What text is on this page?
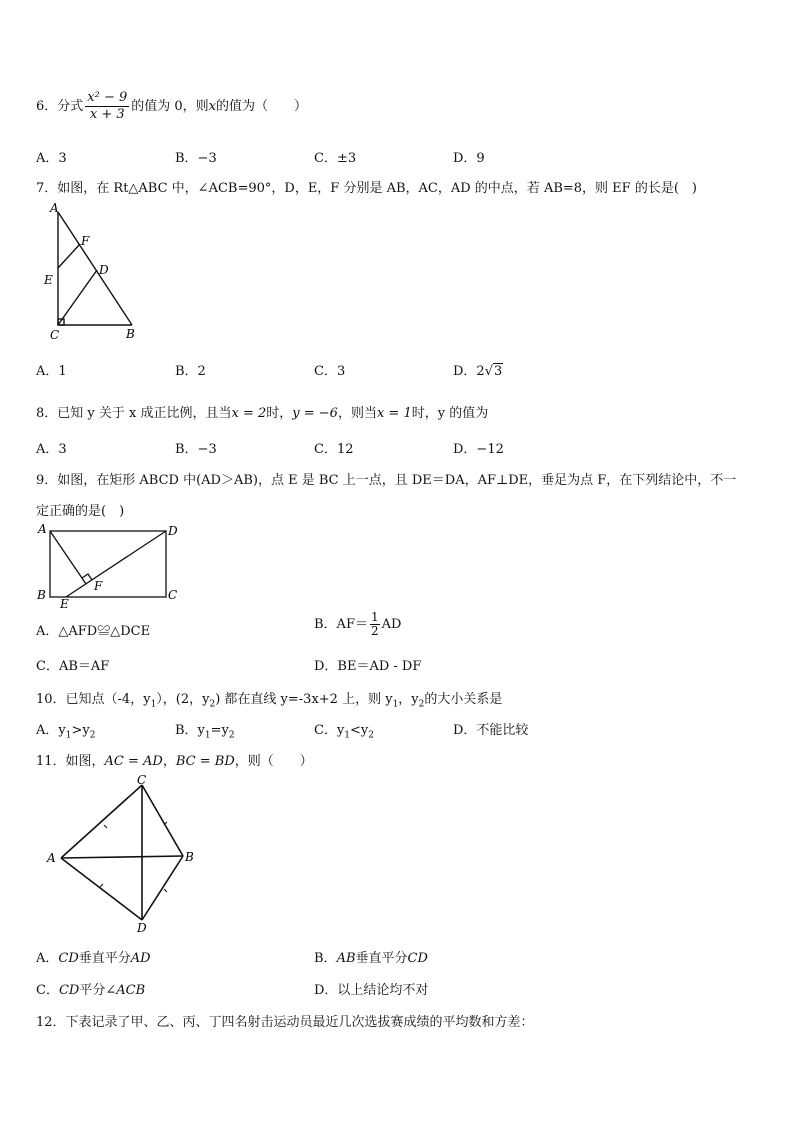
6．分式 $\frac{\text{x² − 9}}{x + 3}$ 的值为 0，则x的值为（　　）
A．3	B．−3	C．±3	D．9
7．如图，在 Rt△ABC 中，∠ACB=90°，D，E，F 分别是 AB，AC，AD 的中点，若 AB=8，则 EF 的长是(　)
A
F
D
E
C	B
A．1	B．2	C．3	D．2√3
8．已知 y 关于 x 成正比例，且当x = 2时，y = −6，则当x = 1时，y 的值为
A．3	B．−3	C．12	D．−12
9．如图，在矩形 ABCD 中(AD＞AB)，点 E 是 BC 上一点，且 DE＝DA，AF⊥DE，垂足为点 F，在下列结论中，不一
定正确的是(　)
A	D
B	C
E
F
A．△AFD≌△DCE	B．$AF= \frac{1}{2}$ AD
C．AB＝AF	D．BE＝AD - DF
10．已知点（-4，$y_1$），(2，$y_2$) 都在直线 y=-3x+2 上，则 $y_1$，$y_2$的大小关系是
A．$y_1>y_2$	B．$y_1=y_2$	C．$y_1<y_2$	D．不能比较
11．如图，AC = AD，BC = BD，则（　　）
A
C
B
D
A．CD垂直平分AD	B．AB垂直平分CD
C．CD平分∠ACB	D．以上结论均不对
12．下表记录了甲、乙、丙、丁四名射击运动员最近几次选拔赛成绩的平均数和方差：
